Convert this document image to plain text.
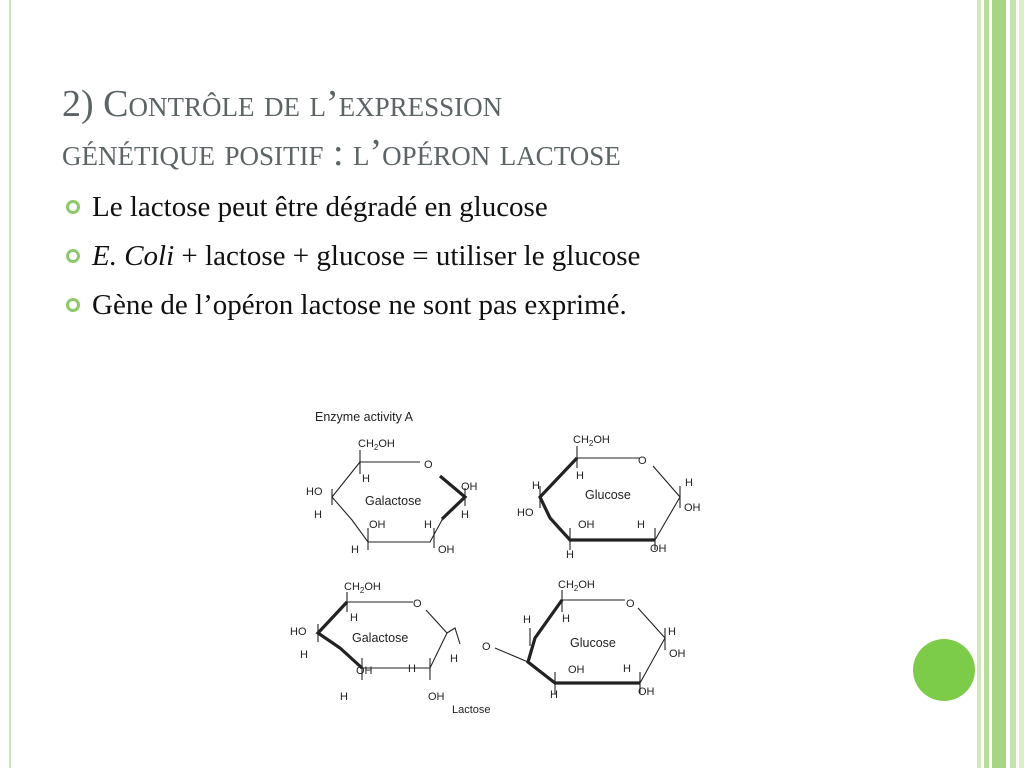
2) Contrôle de l’expression
génétique positif : l’opéron lactose
Le lactose peut être dégradé en glucose
E. Coli + lactose + glucose = utiliser le glucose
Gène de l’opéron lactose ne sont pas exprimé.
Enzyme activity A
$CH_2OH$
O
H
HO
H
OH
H
Galactose
OH	H
H	OH
$CH_2OH$
O
H
H
HO
H
OH
Glucose
OH	H
H	OH
$CH_2OH$
O
H
HO
H
Galactose
OH	H
H	OH
H
O
$CH_2OH$
O
H
H
H
OH
Glucose
OH	H
H	OH
Lactose
